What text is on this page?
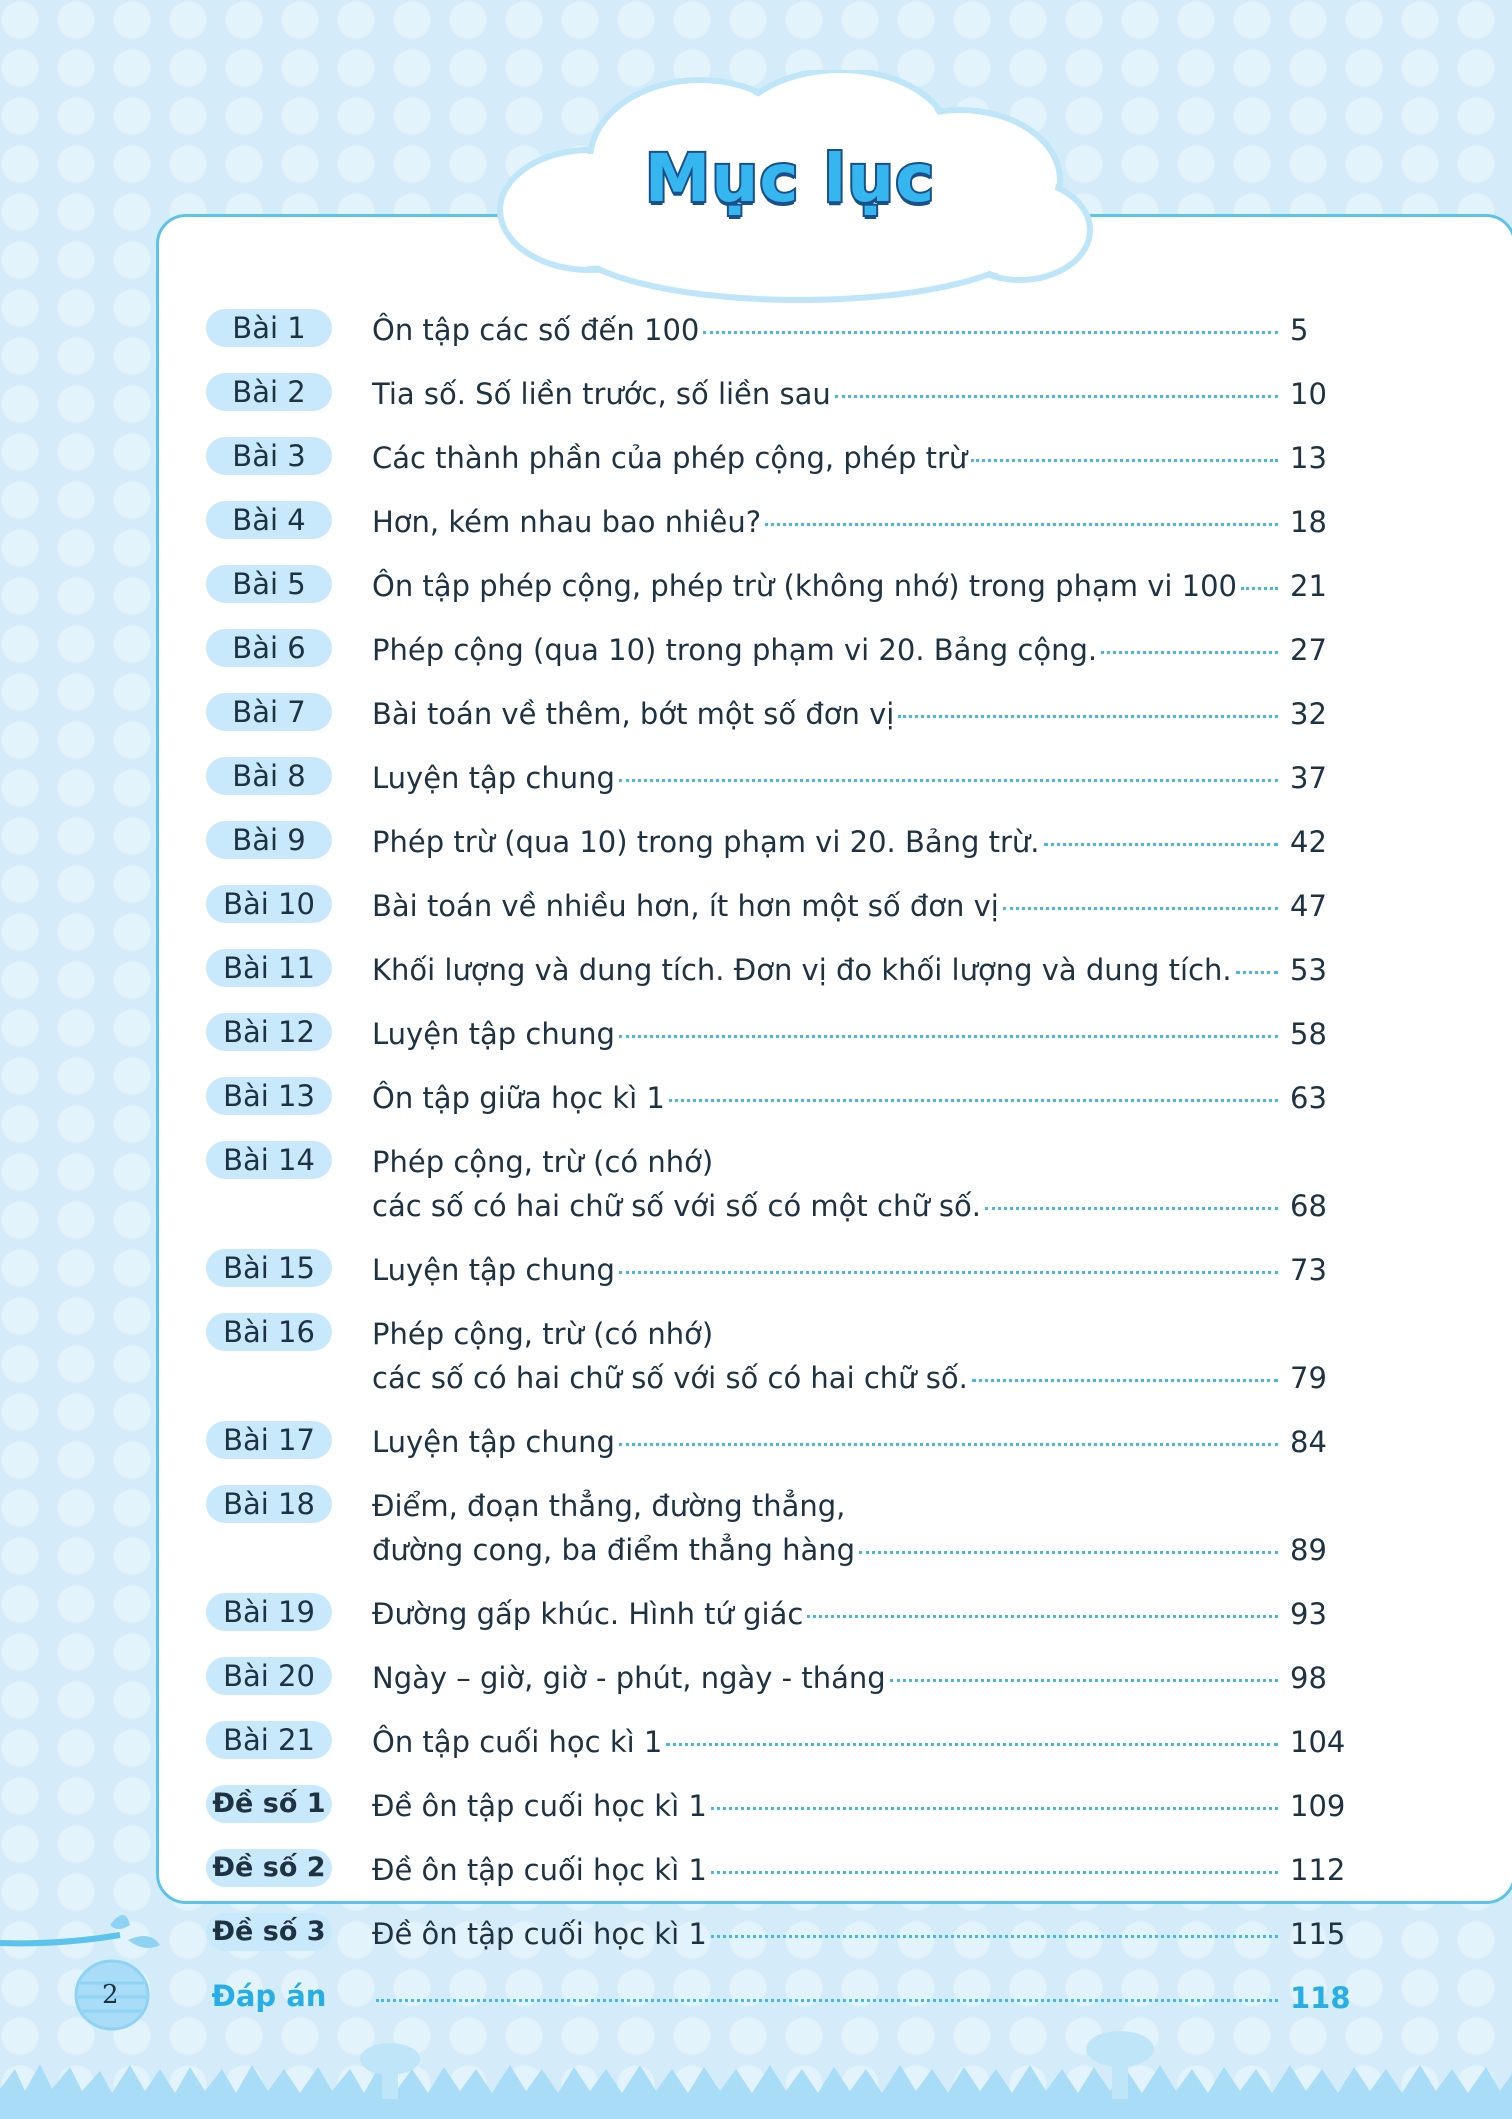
Mục lục
Bài 1	Ôn tập các số đến 100	5
Bài 2	Tia số. Số liền trước, số liền sau	10
Bài 3	Các thành phần của phép cộng, phép trừ	13
Bài 4	Hơn, kém nhau bao nhiêu?	18
Bài 5	Ôn tập phép cộng, phép trừ (không nhớ) trong phạm vi 100 21
Bài 6	Phép cộng (qua 10) trong phạm vi 20. Bảng cộng.	27
Bài 7	Bài toán về thêm, bớt một số đơn vị	32
Bài 8	Luyện tập chung	37
Bài 9	Phép trừ (qua 10) trong phạm vi 20. Bảng trừ.	42
Bài 10	Bài toán về nhiều hơn, ít hơn một số đơn vị	47
Bài 11	Khối lượng và dung tích. Đơn vị đo khối lượng và dung tích. 53
Bài 12	Luyện tập chung	58
Bài 13	Ôn tập giữa học kì 1	63
Bài 14	Phép cộng, trừ (có nhớ)
các số có hai chữ số với số có một chữ số.	68
Bài 15	Luyện tập chung	73
Bài 16	Phép cộng, trừ (có nhớ)
các số có hai chữ số với số có hai chữ số.	79
Bài 17	Luyện tập chung	84
Bài 18	Điểm, đoạn thẳng, đường thẳng,
đường cong, ba điểm thẳng hàng	89
Bài 19	Đường gấp khúc. Hình tứ giác	93
Bài 20	Ngày – giờ, giờ - phút, ngày - tháng	98
Bài 21	Ôn tập cuối học kì 1	104
Đề số 1 Đề ôn tập cuối học kì 1	109
Đề số 2 Đề ôn tập cuối học kì 1	112
Đề số 3 Đề ôn tập cuối học kì 1	115
Đáp án	118
2
